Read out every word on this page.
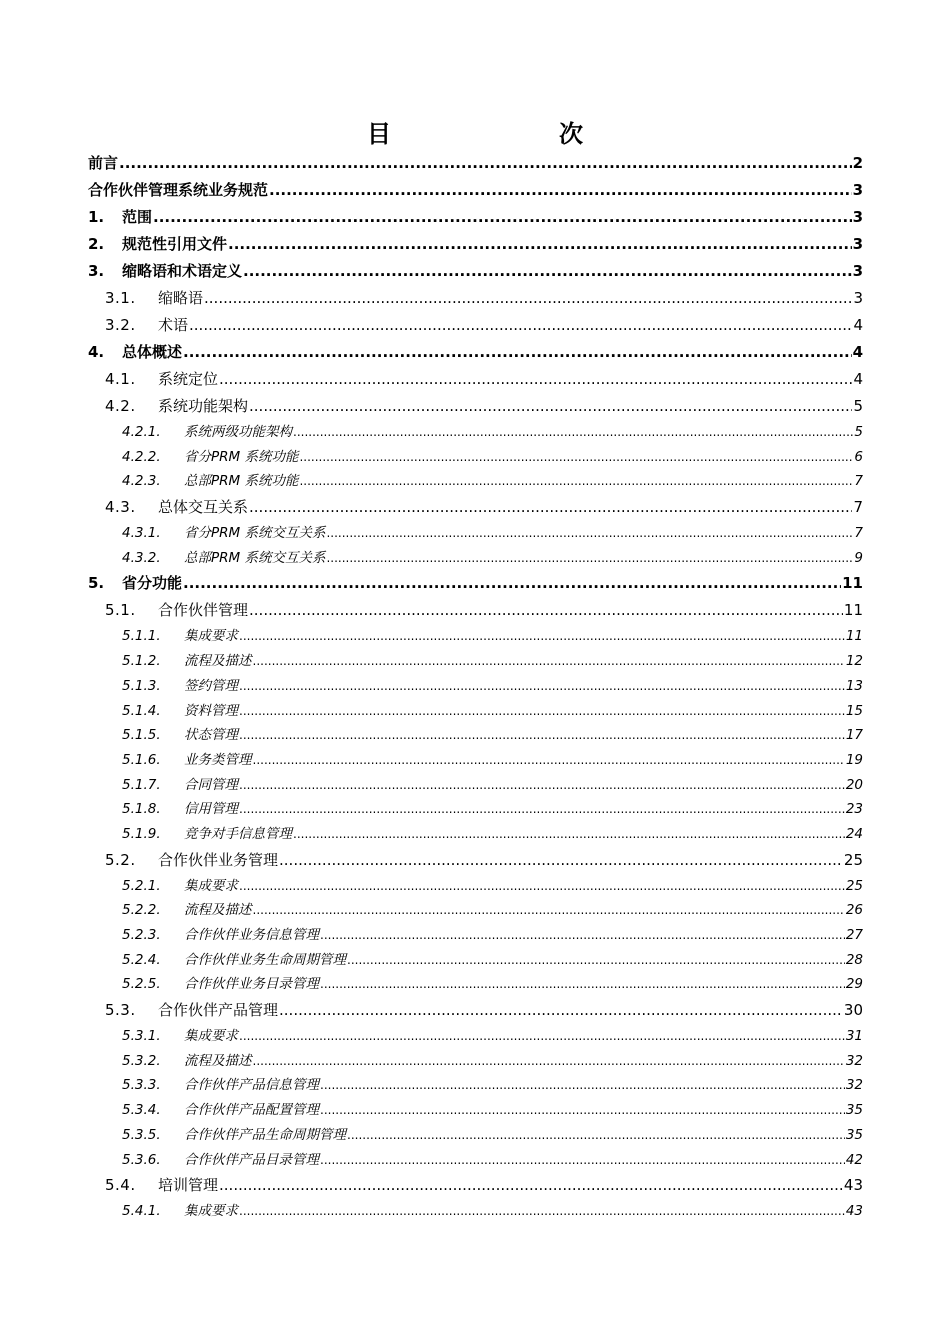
目　　次
前言 .....	2
合作伙伴管理系统业务规范 .....	3
1.	范围 .....	3
2.	规范性引用文件 .....	3
3.	缩略语和术语定义 .....	3
3.1.	缩略语 .....	3
3.2.	术语 .....	4
4.	总体概述 .....	4
4.1.	系统定位 .....	4
4.2.	系统功能架构 .....	5
4.2.1.	系统两级功能架构 .....	5
4.2.2.	省分PRM 系统功能 .....	6
4.2.3.	总部PRM 系统功能 .....	7
4.3.	总体交互关系 .....	7
4.3.1.	省分PRM 系统交互关系 .....	7
4.3.2.	总部PRM 系统交互关系 .....	9
5.	省分功能 .....	11
5.1.	合作伙伴管理 .....	11
5.1.1.	集成要求 .....	11
5.1.2.	流程及描述 .....	12
5.1.3.	签约管理 .....	13
5.1.4.	资料管理 .....	15
5.1.5.	状态管理 .....	17
5.1.6.	业务类管理 .....	19
5.1.7.	合同管理 .....	20
5.1.8.	信用管理 .....	23
5.1.9.	竞争对手信息管理 .....	24
5.2.	合作伙伴业务管理 .....	25
5.2.1.	集成要求 .....	25
5.2.2.	流程及描述 .....	26
5.2.3.	合作伙伴业务信息管理 .....	27
5.2.4.	合作伙伴业务生命周期管理 .....	28
5.2.5.	合作伙伴业务目录管理 .....	29
5.3.	合作伙伴产品管理 .....	30
5.3.1.	集成要求 .....	31
5.3.2.	流程及描述 .....	32
5.3.3.	合作伙伴产品信息管理 .....	32
5.3.4.	合作伙伴产品配置管理 .....	35
5.3.5.	合作伙伴产品生命周期管理 .....	35
5.3.6.	合作伙伴产品目录管理 .....	42
5.4.	培训管理 .....	43
5.4.1.	集成要求 .....	43
